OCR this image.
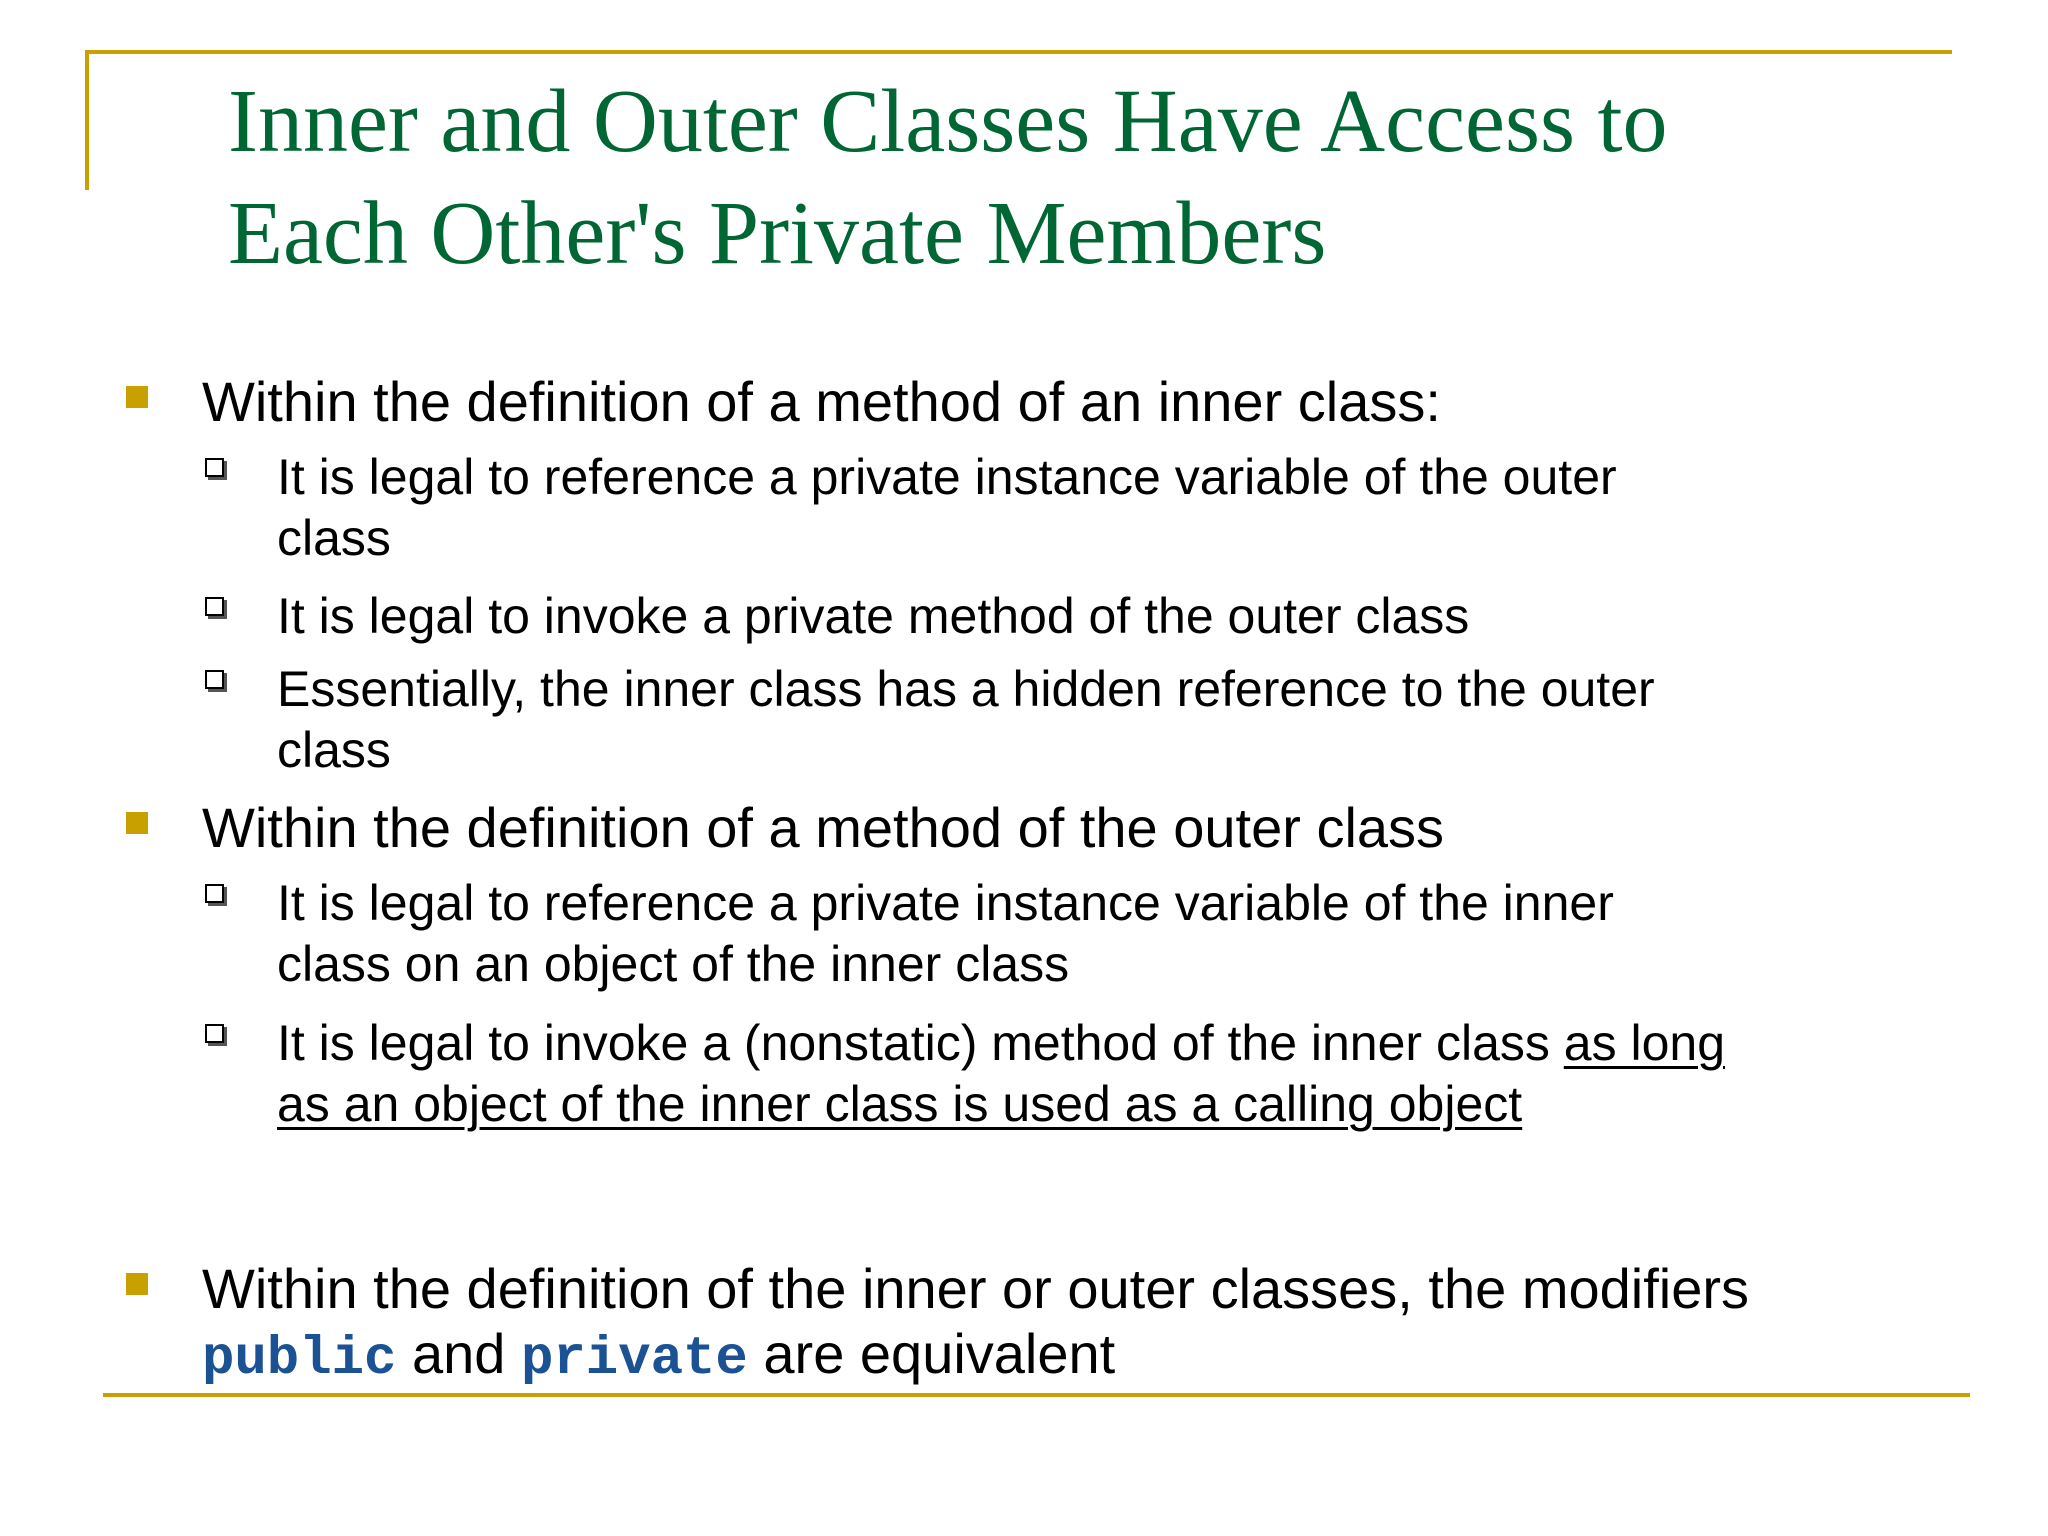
Inner and Outer Classes Have Access to
Each Other's Private Members
Within the definition of a method of an inner class:
It is legal to reference a private instance variable of the outer
class
It is legal to invoke a private method of the outer class
Essentially, the inner class has a hidden reference to the outer
class
Within the definition of a method of the outer class
It is legal to reference a private instance variable of the inner
class on an object of the inner class
It is legal to invoke a (nonstatic) method of the inner class as long
as an object of the inner class is used as a calling object
Within the definition of the inner or outer classes, the modifiers
public and private are equivalent
